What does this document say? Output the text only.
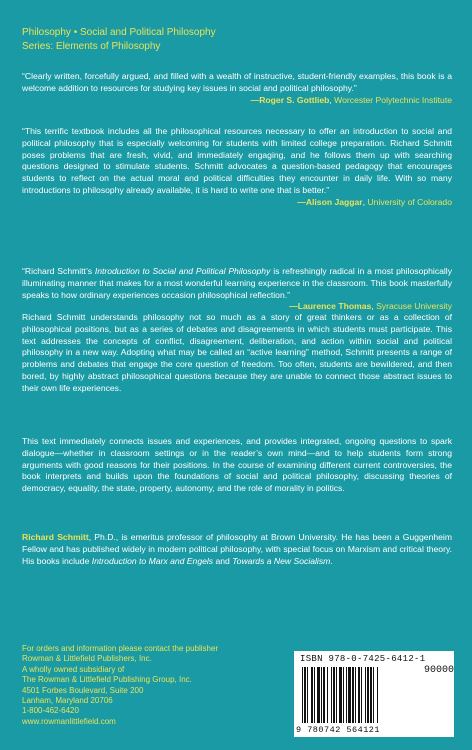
Philosophy • Social and Political Philosophy
Series: Elements of Philosophy
“Clearly written, forcefully argued, and filled with a wealth of instructive, student-friendly examples, this book is a welcome addition to resources for studying key issues in social and political philosophy.”
—Roger S. Gottlieb, Worcester Polytechnic Institute
“This terrific textbook includes all the philosophical resources necessary to offer an introduction to social and political philosophy that is especially welcoming for students with limited college preparation. Richard Schmitt poses problems that are fresh, vivid, and immediately engaging, and he follows them up with searching questions designed to stimulate students. Schmitt advocates a question-based pedagogy that encourages students to reflect on the actual moral and political difficulties they encounter in daily life. With so many introductions to philosophy already available, it is hard to write one that is better.”
—Alison Jaggar, University of Colorado
“Richard Schmitt’s Introduction to Social and Political Philosophy is refreshingly radical in a most philosophically illuminating manner that makes for a most wonderful learning experience in the classroom. This book masterfully speaks to how ordinary experiences occasion philosophical reflection.”
—Laurence Thomas, Syracuse University
Richard Schmitt understands philosophy not so much as a story of great thinkers or as a collection of philosophical positions, but as a series of debates and disagreements in which students must participate. This text addresses the concepts of conflict, disagreement, deliberation, and action within social and political philosophy in a new way. Adopting what may be called an “active learning” method, Schmitt presents a range of problems and debates that engage the core question of freedom. Too often, students are bewildered, and then bored, by highly abstract philosophical questions because they are unable to connect those abstract issues to their own life experiences.
This text immediately connects issues and experiences, and provides integrated, ongoing questions to spark dialogue—whether in classroom settings or in the reader’s own mind—and to help students form strong arguments with good reasons for their positions. In the course of examining different current controversies, the book interprets and builds upon the foundations of social and political philosophy, discussing theories of democracy, equality, the state, property, autonomy, and the role of morality in politics.
Richard Schmitt, Ph.D., is emeritus professor of philosophy at Brown University. He has been a Guggenheim Fellow and has published widely in modern political philosophy, with special focus on Marxism and critical theory. His books include Introduction to Marx and Engels and Towards a New Socialism.
For orders and information please contact the publisher
Rowman & Littlefield Publishers, Inc.
A wholly owned subsidiary of
The Rowman & Littlefield Publishing Group, Inc.
4501 Forbes Boulevard, Suite 200
Lanham, Maryland 20706
1-800-462-6420
www.rowmanlittlefield.com
ISBN 978-0-7425-6412-1
90000
9 780742 564121
